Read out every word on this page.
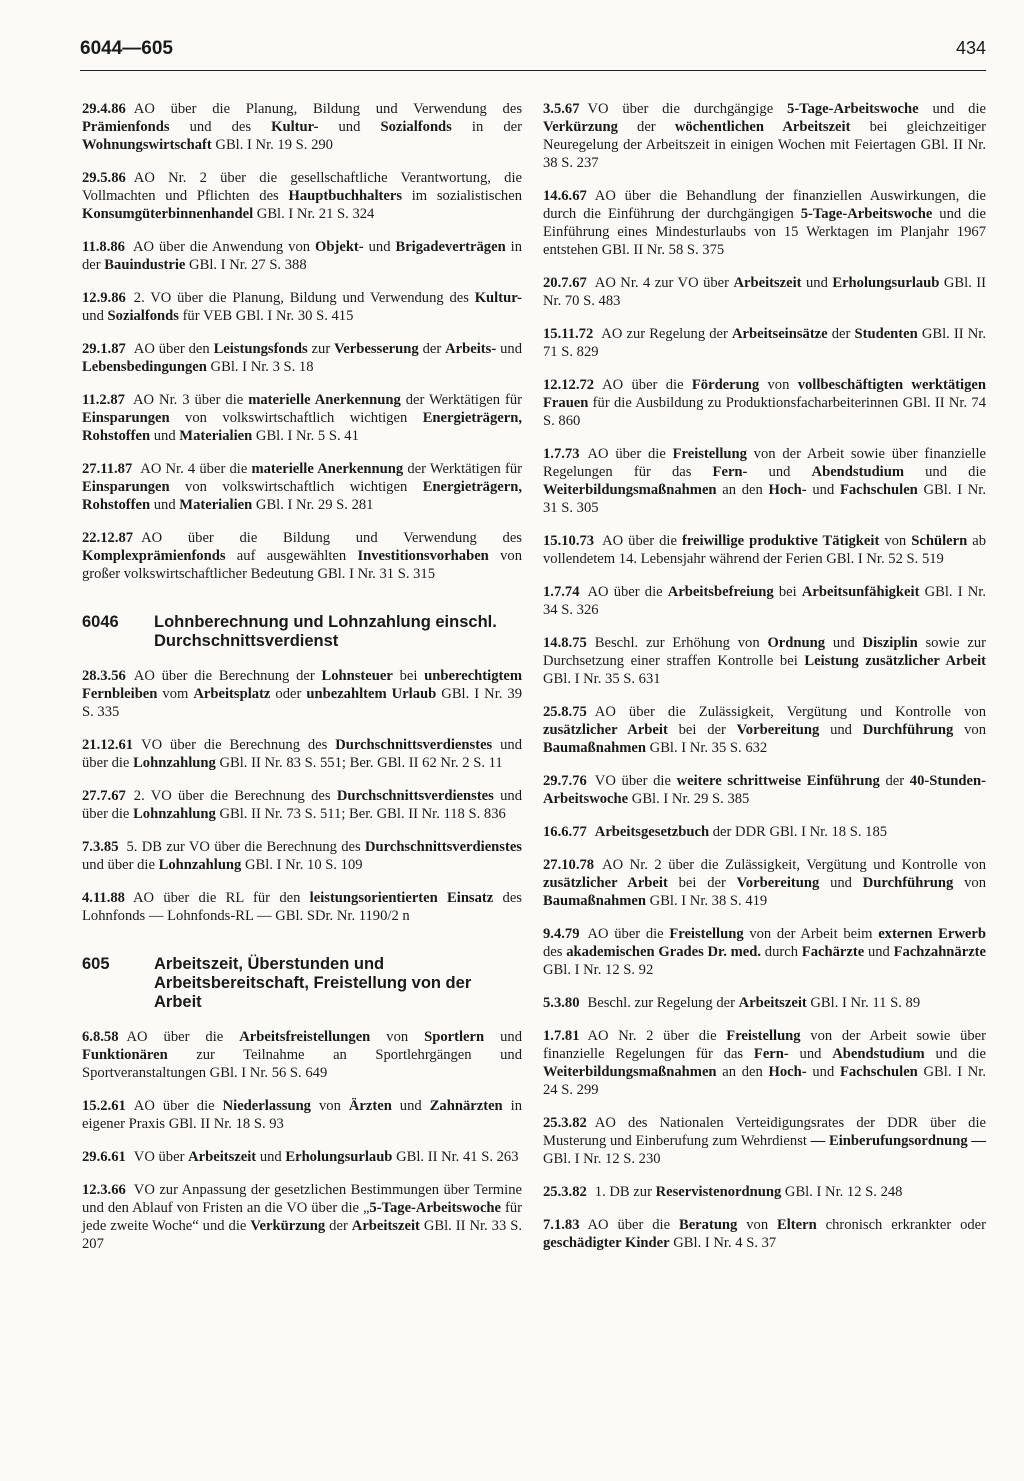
6044—605	434

29.4.86 AO über die Planung, Bildung und Verwendung des Prämienfonds und des Kultur- und Sozialfonds in der Wohnungswirtschaft GBl. I Nr. 19 S. 290

29.5.86 AO Nr. 2 über die gesellschaftliche Verantwortung, die Vollmachten und Pflichten des Hauptbuchhalters im sozialistischen Konsumgüterbinnenhandel GBl. I Nr. 21 S. 324

11.8.86 AO über die Anwendung von Objekt- und Brigadeverträgen in der Bauindustrie GBl. I Nr. 27 S. 388

12.9.86 2. VO über die Planung, Bildung und Verwendung des Kultur- und Sozialfonds für VEB GBl. I Nr. 30 S. 415

29.1.87 AO über den Leistungsfonds zur Verbesserung der Arbeits- und Lebensbedingungen GBl. I Nr. 3 S. 18

11.2.87 AO Nr. 3 über die materielle Anerkennung der Werktätigen für Einsparungen von volkswirtschaftlich wichtigen Energieträgern, Rohstoffen und Materialien GBl. I Nr. 5 S. 41

27.11.87 AO Nr. 4 über die materielle Anerkennung der Werktätigen für Einsparungen von volkswirtschaftlich wichtigen Energieträgern, Rohstoffen und Materialien GBl. I Nr. 29 S. 281

22.12.87 AO über die Bildung und Verwendung des Komplexprämienfonds auf ausgewählten Investitionsvorhaben von großer volkswirtschaftlicher Bedeutung GBl. I Nr. 31 S. 315

6046	Lohnberechnung und Lohnzahlung einschl. Durchschnittsverdienst

28.3.56 AO über die Berechnung der Lohnsteuer bei unberechtigtem Fernbleiben vom Arbeitsplatz oder unbezahltem Urlaub GBl. I Nr. 39 S. 335

21.12.61 VO über die Berechnung des Durchschnittsverdienstes und über die Lohnzahlung GBl. II Nr. 83 S. 551; Ber. GBl. II 62 Nr. 2 S. 11

27.7.67 2. VO über die Berechnung des Durchschnittsverdienstes und über die Lohnzahlung GBl. II Nr. 73 S. 511; Ber. GBl. II Nr. 118 S. 836

7.3.85 5. DB zur VO über die Berechnung des Durchschnittsverdienstes und über die Lohnzahlung GBl. I Nr. 10 S. 109

4.11.88 AO über die RL für den leistungsorientierten Einsatz des Lohnfonds — Lohnfonds-RL — GBl. SDr. Nr. 1190/2 n

605	Arbeitszeit, Überstunden und Arbeitsbereitschaft, Freistellung von der Arbeit

6.8.58 AO über die Arbeitsfreistellungen von Sportlern und Funktionären zur Teilnahme an Sportlehrgängen und Sportveranstaltungen GBl. I Nr. 56 S. 649

15.2.61 AO über die Niederlassung von Ärzten und Zahnärzten in eigener Praxis GBl. II Nr. 18 S. 93

29.6.61 VO über Arbeitszeit und Erholungsurlaub GBl. II Nr. 41 S. 263

12.3.66 VO zur Anpassung der gesetzlichen Bestimmungen über Termine und den Ablauf von Fristen an die VO über die „5-Tage-Arbeitswoche für jede zweite Woche“ und die Verkürzung der Arbeitszeit GBl. II Nr. 33 S. 207

3.5.67 VO über die durchgängige 5-Tage-Arbeitswoche und die Verkürzung der wöchentlichen Arbeitszeit bei gleichzeitiger Neuregelung der Arbeitszeit in einigen Wochen mit Feiertagen GBl. II Nr. 38 S. 237

14.6.67 AO über die Behandlung der finanziellen Auswirkungen, die durch die Einführung der durchgängigen 5-Tage-Arbeitswoche und die Einführung eines Mindesturlaubs von 15 Werktagen im Planjahr 1967 entstehen GBl. II Nr. 58 S. 375

20.7.67 AO Nr. 4 zur VO über Arbeitszeit und Erholungsurlaub GBl. II Nr. 70 S. 483

15.11.72 AO zur Regelung der Arbeitseinsätze der Studenten GBl. II Nr. 71 S. 829

12.12.72 AO über die Förderung von vollbeschäftigten werktätigen Frauen für die Ausbildung zu Produktionsfacharbeiterinnen GBl. II Nr. 74 S. 860

1.7.73 AO über die Freistellung von der Arbeit sowie über finanzielle Regelungen für das Fern- und Abendstudium und die Weiterbildungsmaßnahmen an den Hoch- und Fachschulen GBl. I Nr. 31 S. 305

15.10.73 AO über die freiwillige produktive Tätigkeit von Schülern ab vollendetem 14. Lebensjahr während der Ferien GBl. I Nr. 52 S. 519

1.7.74 AO über die Arbeitsbefreiung bei Arbeitsunfähigkeit GBl. I Nr. 34 S. 326

14.8.75 Beschl. zur Erhöhung von Ordnung und Disziplin sowie zur Durchsetzung einer straffen Kontrolle bei Leistung zusätzlicher Arbeit GBl. I Nr. 35 S. 631

25.8.75 AO über die Zulässigkeit, Vergütung und Kontrolle von zusätzlicher Arbeit bei der Vorbereitung und Durchführung von Baumaßnahmen GBl. I Nr. 35 S. 632

29.7.76 VO über die weitere schrittweise Einführung der 40-Stunden-Arbeitswoche GBl. I Nr. 29 S. 385

16.6.77 Arbeitsgesetzbuch der DDR GBl. I Nr. 18 S. 185

27.10.78 AO Nr. 2 über die Zulässigkeit, Vergütung und Kontrolle von zusätzlicher Arbeit bei der Vorbereitung und Durchführung von Baumaßnahmen GBl. I Nr. 38 S. 419

9.4.79 AO über die Freistellung von der Arbeit beim externen Erwerb des akademischen Grades Dr. med. durch Fachärzte und Fachzahnärzte GBl. I Nr. 12 S. 92

5.3.80 Beschl. zur Regelung der Arbeitszeit GBl. I Nr. 11 S. 89

1.7.81 AO Nr. 2 über die Freistellung von der Arbeit sowie über finanzielle Regelungen für das Fern- und Abendstudium und die Weiterbildungsmaßnahmen an den Hoch- und Fachschulen GBl. I Nr. 24 S. 299

25.3.82 AO des Nationalen Verteidigungsrates der DDR über die Musterung und Einberufung zum Wehrdienst — Einberufungsordnung — GBl. I Nr. 12 S. 230

25.3.82 1. DB zur Reservistenordnung GBl. I Nr. 12 S. 248

7.1.83 AO über die Beratung von Eltern chronisch erkrankter oder geschädigter Kinder GBl. I Nr. 4 S. 37
